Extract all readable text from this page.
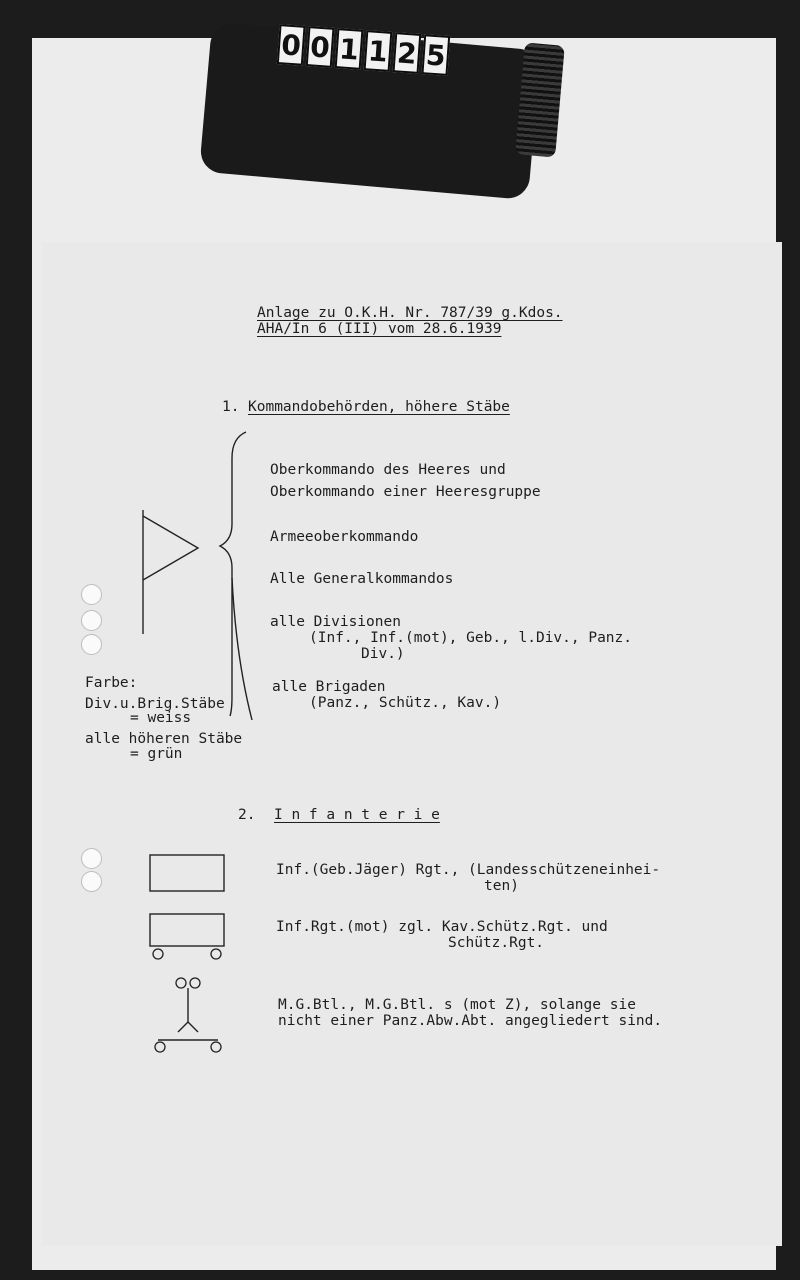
0 0 1 1 2 5
Anlage zu O.K.H. Nr. 787/39 g.Kdos.
AHA/In 6 (III) vom 28.6.1939
1. Kommandobehörden, höhere Stäbe
Oberkommando des Heeres und
Oberkommando einer Heeresgruppe
Armeeoberkommando
Alle Generalkommandos
alle Divisionen
(Inf., Inf.(mot), Geb., l.Div., Panz.
Div.)
alle Brigaden
(Panz., Schütz., Kav.)
Farbe:
Div.u.Brig.Stäbe
= weiss
alle höheren Stäbe
= grün
2. I n f a n t e r i e
Inf.(Geb.Jäger) Rgt., (Landesschützeneinhei-
ten)
Inf.Rgt.(mot) zgl. Kav.Schütz.Rgt. und
Schütz.Rgt.
M.G.Btl., M.G.Btl. s (mot Z), solange sie
nicht einer Panz.Abw.Abt. angegliedert sind.
